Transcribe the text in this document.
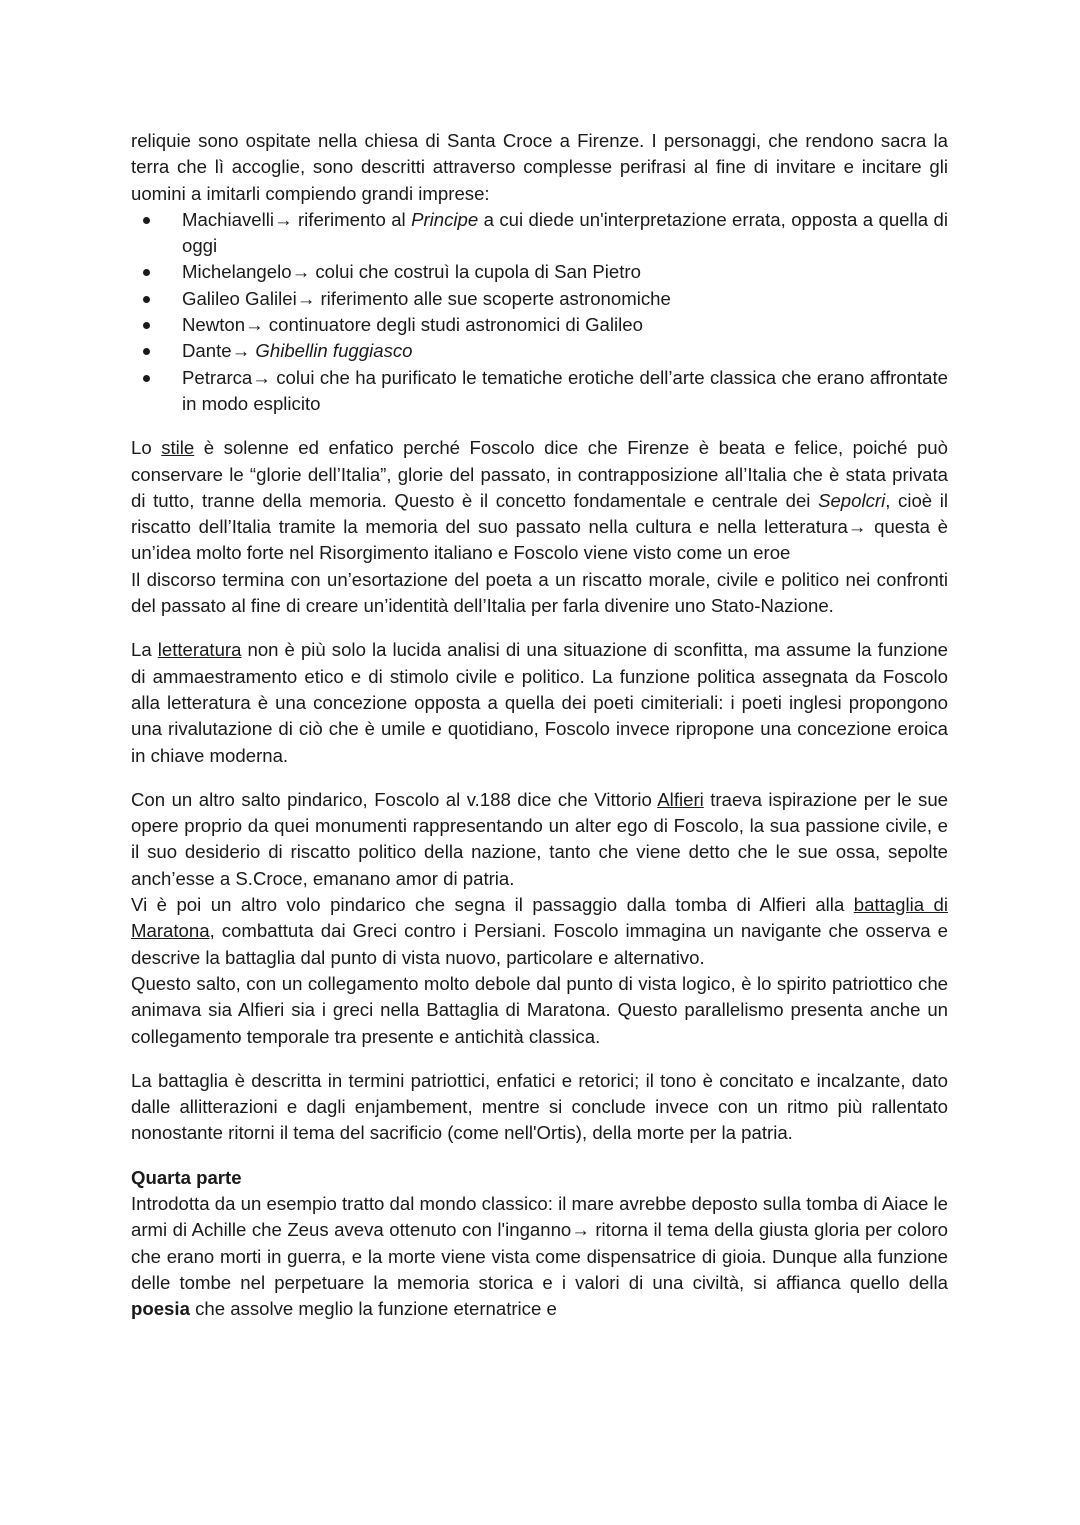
reliquie sono ospitate nella chiesa di Santa Croce a Firenze. I personaggi, che rendono sacra la terra che lì accoglie, sono descritti attraverso complesse perifrasi al fine di invitare e incitare gli uomini a imitarli compiendo grandi imprese:

Machiavelli→ riferimento al Principe a cui diede un'interpretazione errata, opposta a quella di oggi
Michelangelo→ colui che costruì la cupola di San Pietro
Galileo Galilei→ riferimento alle sue scoperte astronomiche
Newton→ continuatore degli studi astronomici di Galileo
Dante→ Ghibellin fuggiasco
Petrarca→ colui che ha purificato le tematiche erotiche dell’arte classica che erano affrontate in modo esplicito

Lo stile è solenne ed enfatico perché Foscolo dice che Firenze è beata e felice, poiché può conservare le “glorie dell’Italia”, glorie del passato, in contrapposizione all’Italia che è stata privata di tutto, tranne della memoria. Questo è il concetto fondamentale e centrale dei Sepolcri, cioè il riscatto dell’Italia tramite la memoria del suo passato nella cultura e nella letteratura→ questa è un’idea molto forte nel Risorgimento italiano e Foscolo viene visto come un eroe

Il discorso termina con un’esortazione del poeta a un riscatto morale, civile e politico nei confronti del passato al fine di creare un’identità dell’Italia per farla divenire uno Stato-Nazione.

La letteratura non è più solo la lucida analisi di una situazione di sconfitta, ma assume la funzione di ammaestramento etico e di stimolo civile e politico. La funzione politica assegnata da Foscolo alla letteratura è una concezione opposta a quella dei poeti cimiteriali: i poeti inglesi propongono una rivalutazione di ciò che è umile e quotidiano, Foscolo invece ripropone una concezione eroica in chiave moderna.

Con un altro salto pindarico, Foscolo al v.188 dice che Vittorio Alfieri traeva ispirazione per le sue opere proprio da quei monumenti rappresentando un alter ego di Foscolo, la sua passione civile, e il suo desiderio di riscatto politico della nazione, tanto che viene detto che le sue ossa, sepolte anch’esse a S.Croce, emanano amor di patria.

Vi è poi un altro volo pindarico che segna il passaggio dalla tomba di Alfieri alla battaglia di Maratona, combattuta dai Greci contro i Persiani. Foscolo immagina un navigante che osserva e descrive la battaglia dal punto di vista nuovo, particolare e alternativo.

Questo salto, con un collegamento molto debole dal punto di vista logico, è lo spirito patriottico che animava sia Alfieri sia i greci nella Battaglia di Maratona. Questo parallelismo presenta anche un collegamento temporale tra presente e antichità classica.

La battaglia è descritta in termini patriottici, enfatici e retorici; il tono è concitato e incalzante, dato dalle allitterazioni e dagli enjambement, mentre si conclude invece con un ritmo più rallentato nonostante ritorni il tema del sacrificio (come nell'Ortis), della morte per la patria.

Quarta parte

Introdotta da un esempio tratto dal mondo classico: il mare avrebbe deposto sulla tomba di Aiace le armi di Achille che Zeus aveva ottenuto con l'inganno→ ritorna il tema della giusta gloria per coloro che erano morti in guerra, e la morte viene vista come dispensatrice di gioia. Dunque alla funzione delle tombe nel perpetuare la memoria storica e i valori di una civiltà, si affianca quello della poesia che assolve meglio la funzione eternatrice e
